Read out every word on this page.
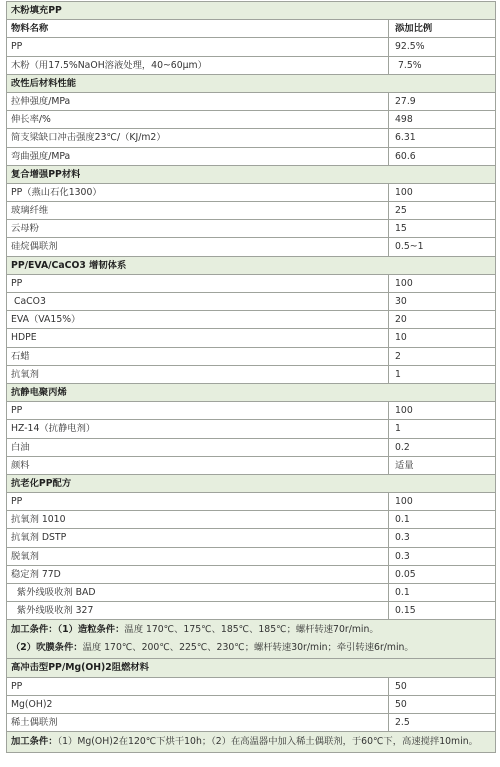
木粉填充PP
物料名称	添加比例
PP	92.5%
木粉（用17.5%NaOH溶液处理，40~60μm）	7.5%
改性后材料性能
拉伸强度/MPa	27.9
伸长率/%	498
简支梁缺口冲击强度23℃/（KJ/m2）	6.31
弯曲强度/MPa	60.6
复合增强PP材料
PP（燕山石化1300）	100
玻璃纤维	25
云母粉	15
硅烷偶联剂	0.5~1
PP/EVA/CaCO3 增韧体系
PP	100
CaCO3	30
EVA（VA15%）	20
HDPE	10
石蜡	2
抗氧剂	1
抗静电聚丙烯
PP	100
HZ-14（抗静电剂）	1
白油	0.2
颜料	适量
抗老化PP配方
PP	100
抗氧剂 1010	0.1
抗氧剂 DSTP	0.3
脱氧剂	0.3
稳定剂 77D	0.05
紫外线吸收剂 BAD	0.1
紫外线吸收剂 327	0.15
加工条件：（1）造粒条件：温度 170℃、175℃、185℃、185℃；螺杆转速70r/min。
（2）吹膜条件：温度 170℃、200℃、225℃、230℃；螺杆转速30r/min；牵引转速6r/min。
高冲击型PP/Mg(OH)2阻燃材料
PP	50
Mg(OH)2	50
稀土偶联剂	2.5
加工条件：（1）Mg(OH)2在120℃下烘干10h；（2）在高温器中加入稀土偶联剂，于60℃下，高速搅拌10min。
